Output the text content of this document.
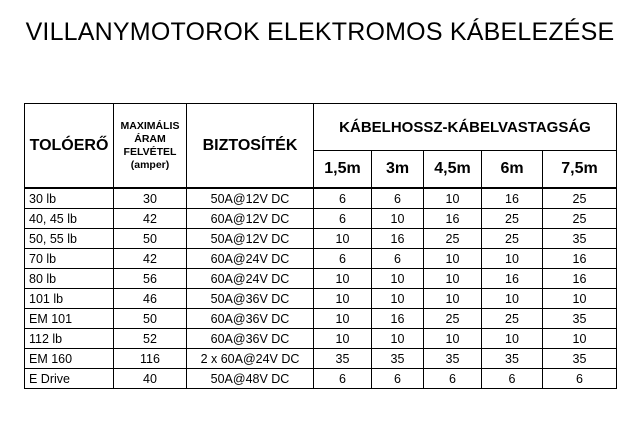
VILLANYMOTOROK ELEKTROMOS KÁBELEZÉSE
TOLÓERŐ	MAXIMÁLIS
ÁRAM
FELVÉTEL
(amper)	BIZTOSÍTÉK	KÁBELHOSSZ-KÁBELVASTAGSÁG				
			1,5m	3m	4,5m	6m	7,5m
30 lb	30	50A@12V DC	6	6	10	16	25
40, 45 lb	42	60A@12V DC	6	10	16	25	25
50, 55 lb	50	50A@12V DC	10	16	25	25	35
70 lb	42	60A@24V DC	6	6	10	10	16
80 lb	56	60A@24V DC	10	10	10	16	16
101 lb	46	50A@36V DC	10	10	10	10	10
EM 101	50	60A@36V DC	10	16	25	25	35
112 lb	52	60A@36V DC	10	10	10	10	10
EM 160	116	2 x 60A@24V DC	35	35	35	35	35
E Drive	40	50A@48V DC	6	6	6	6	6
